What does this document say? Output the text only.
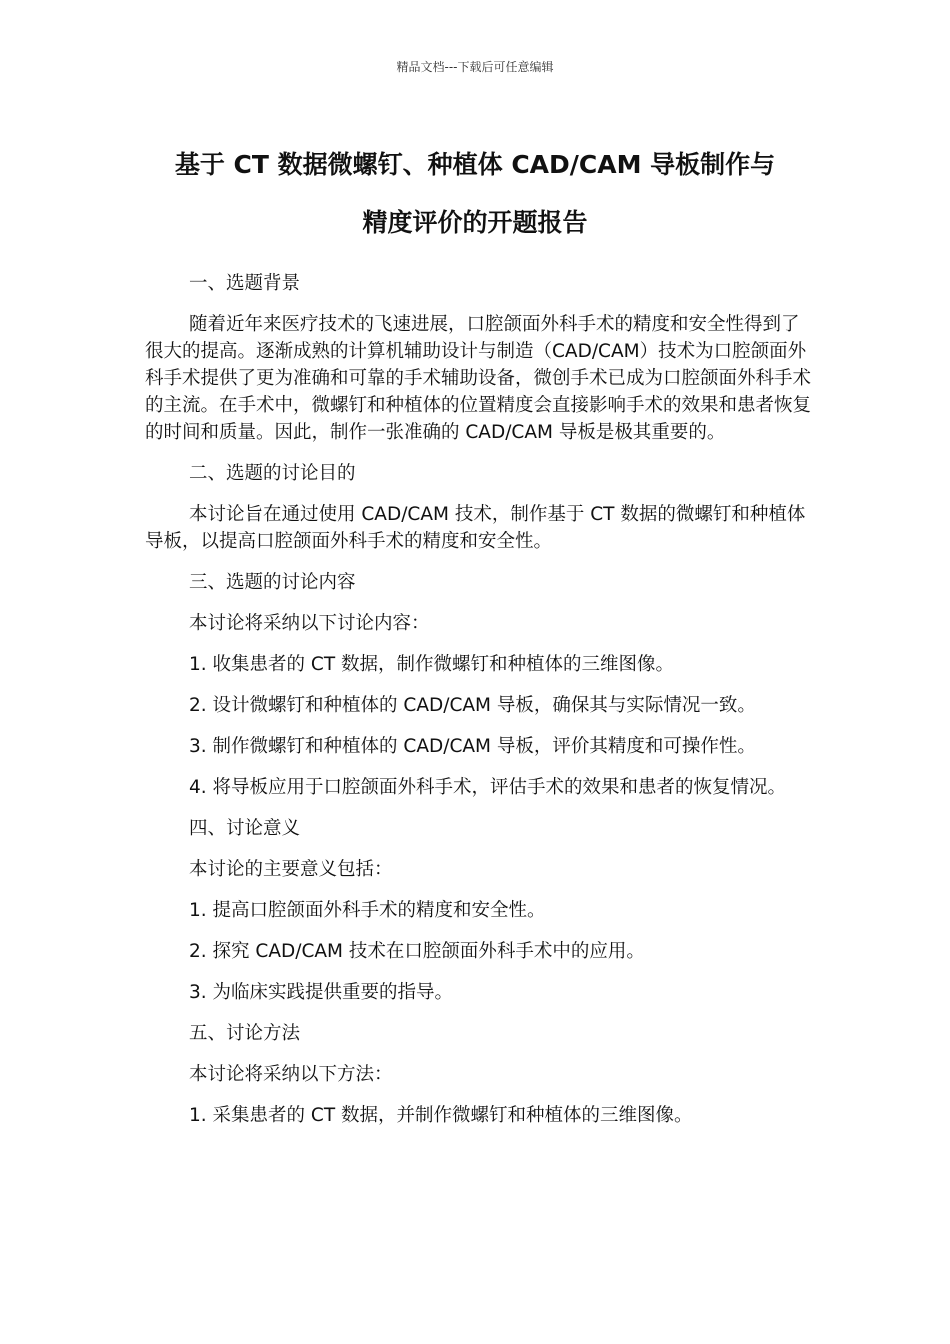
精品文档---下载后可任意编辑

基于 CT 数据微螺钉、种植体 CAD/CAM 导板制作与
精度评价的开题报告

一、选题背景

随着近年来医疗技术的飞速进展，口腔颌面外科手术的精度和安全性得到了很大的提高。逐渐成熟的计算机辅助设计与制造（CAD/CAM）技术为口腔颌面外科手术提供了更为准确和可靠的手术辅助设备，微创手术已成为口腔颌面外科手术的主流。在手术中，微螺钉和种植体的位置精度会直接影响手术的效果和患者恢复的时间和质量。因此，制作一张准确的 CAD/CAM 导板是极其重要的。

二、选题的讨论目的

本讨论旨在通过使用 CAD/CAM 技术，制作基于 CT 数据的微螺钉和种植体导板，以提高口腔颌面外科手术的精度和安全性。

三、选题的讨论内容

本讨论将采纳以下讨论内容：

1. 收集患者的 CT 数据，制作微螺钉和种植体的三维图像。

2. 设计微螺钉和种植体的 CAD/CAM 导板，确保其与实际情况一致。

3. 制作微螺钉和种植体的 CAD/CAM 导板，评价其精度和可操作性。

4. 将导板应用于口腔颌面外科手术，评估手术的效果和患者的恢复情况。

四、讨论意义

本讨论的主要意义包括：

1. 提高口腔颌面外科手术的精度和安全性。

2. 探究 CAD/CAM 技术在口腔颌面外科手术中的应用。

3. 为临床实践提供重要的指导。

五、讨论方法

本讨论将采纳以下方法：

1. 采集患者的 CT 数据，并制作微螺钉和种植体的三维图像。
